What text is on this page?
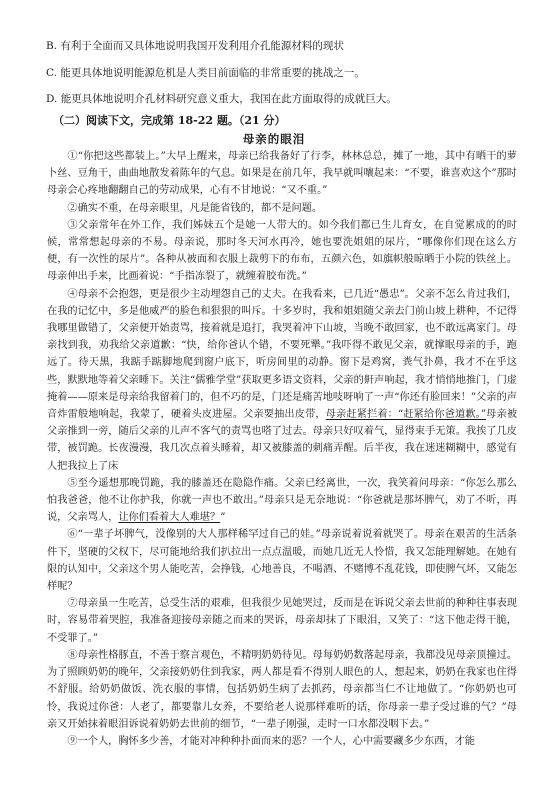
B. 有利于全面而又具体地说明我国开发利用介孔能源材料的现状
C. 能更具体地说明能源危机是人类目前面临的非常重要的挑战之一。
D. 能更具体地说明介孔材料研究意义重大，我国在此方面取得的成就巨大。
（二）阅读下文，完成第 18-22 题。（21 分）
母亲的眼泪

①“你把这些都装上。”大早上醒来，母亲已给我备好了行李，林林总总，摊了一地，其中有晒干的萝卜丝、豆角干，曲曲地散发着陈年的气息。如果是在前几年，我早就叫嚷起来：“不要，谁喜欢这个”那时母亲会心疼地翻翻自己的劳动成果，心有不甘地说：“又不重。”

②确实不重，在母亲眼里，凡是能省钱的，都不是问题。

③父亲常年在外工作，我们姊妹五个是她一人带大的。如今我们都已生儿育女，在自觉累成的的时候，常常想起母亲的不易。母亲说，那时冬天河水再冷，她也要洗姐姐的尿片，“哪像你们现在这么方便，有一次性的尿片”。各种从被面和衣服上裁剪下的布布，五颜六色，如旗帜般晾晒于小院的铁丝上。母亲伸出手来，比画着说：“手指冻裂了，就缠着胶布洗。”

④母亲不会抱怨，更是很少主动埋怨自己的丈夫。在我看来，已几近“愚忠”。父亲不怎么肯过我们，在我的记忆中，多是他威严的脸色和狠狠的叫斥。十多岁时，我和姐姐随父亲去门前山坡上耕种，不记得我哪里做错了，父亲便开始责骂，接着就是追打，我哭着冲下山坡，当晚不敢回家，也不敢远离家门。母亲找到我，劝我给父亲道歉：“快，给你爸认个错，不要死犟。”我吓得不敢见父亲，就撑眠母亲的手，跑远了。待天黑，我踮手踮脚地爬到窗户底下，听房间里的动静。窗下是鸡窝，粪气扑鼻，我才不在乎这些，默默地等着父亲睡下。关注“儒雅学堂”获取更多语文资料，父亲的鼾声响起，我才悄悄地推门，门虚掩着——原来是母亲给我留着门的，但不巧的是，门还是痛苦地吱呀响了一声“你还有脸回来！”父亲的声音炸雷般地响起，我蒙了，硬着头皮进屋。父亲要抽出皮带，母亲赶紧拦着：“赶紧给你爸道歉。”母亲被父亲推到一旁，随后父亲的儿声不客气的责骂也嗒了过去。母亲只好叹着气，显得束手无策。我挨了几皮带，被罚跪。长夜漫漫，我几次点着头睡着，却又被膝盖的刺痛弄醒。后半夜，我在迷迷糊糊中，感觉有人把我拉上了床

⑤至今遥想那晚罚跪，我的膝盖还在隐隐作痛。父亲已经离世，一次，我笑着问母亲：“你怎么那么怕我爸爸，他不让你护我，你就一声也不敢出。”母亲只是无奈地说：“你爸就是那坏脾气，劝了不听，再说，父亲骂人，让你们看着大人难堪？”

⑥“一辈子坏脾气，没像别的大人那样稀罕过自己的娃。”母亲说着说着就哭了。母亲在艰苦的生活条件下，坚硬的父权下，尽可能地给我们扒拉出一点点温暖，而她几近无人怜惜，我又怎能理解她。在她有限的认知中，父亲这个男人能吃苦，会挣钱，心地善良，不喝酒、不赌博不乱花钱，即使脾气坏，又能怎样呢？

⑦母亲虽一生吃苦，总受生活的艰难，但我很少见她哭过，反而是在诉说父亲去世前的种种往事表现时，容易带着哭腔，我准备迎接母亲随之而来的哭诉，母亲却抹了下眼泪，又笑了：“这下他走得干脆，不受罪了。”

⑧母亲性格豚直，不善于察言观色，不精明奶奶待见。母每奶奶数落起母亲，我都没见母亲顶撞过。为了照顾奶奶的晚年，父亲接奶奶住到我家，两人都是看不得别人眼色的人，想起来，奶奶在我家也住得不舒服。给奶奶做饭、洗衣服的事情，包括奶奶生病了去抓药，母亲都当仁不让地做了。“你奶奶也可怜，我说过你爸：人老了，都要靠儿女养，不要给老人说那样难听的话，你母亲一辈子受过谁的气？”母亲又开始抹着眼泪诉说着奶奶去世前的细节，“一辈子刚强，走时一口水都没咽下去。”

⑨一个人，胸怀多少善，才能对冲种种扑面而来的恶？一个人，心中需要藏多少东西，才能
